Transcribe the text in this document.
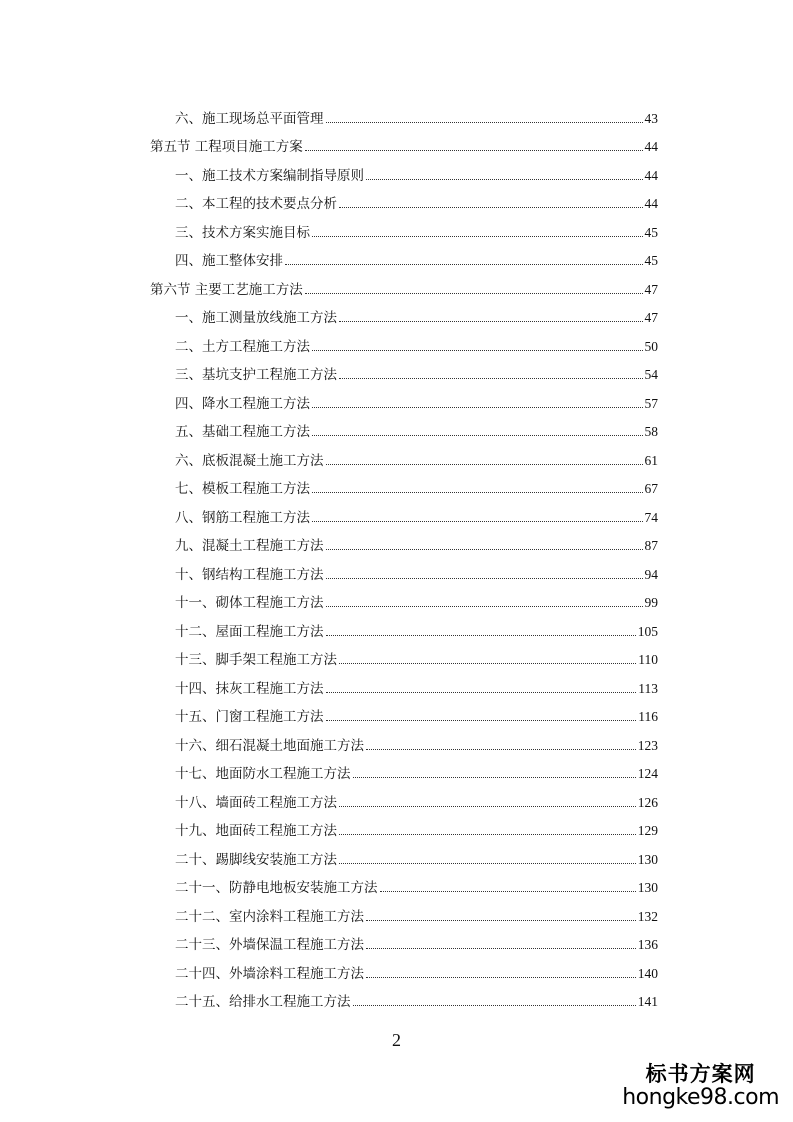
六、施工现场总平面管理	43
第五节 工程项目施工方案	44
一、施工技术方案编制指导原则	44
二、本工程的技术要点分析	44
三、技术方案实施目标	45
四、施工整体安排	45
第六节 主要工艺施工方法	47
一、施工测量放线施工方法	47
二、土方工程施工方法	50
三、基坑支护工程施工方法	54
四、降水工程施工方法	57
五、基础工程施工方法	58
六、底板混凝土施工方法	61
七、模板工程施工方法	67
八、钢筋工程施工方法	74
九、混凝土工程施工方法	87
十、钢结构工程施工方法	94
十一、砌体工程施工方法	99
十二、屋面工程施工方法	105
十三、脚手架工程施工方法	110
十四、抹灰工程施工方法	113
十五、门窗工程施工方法	116
十六、细石混凝土地面施工方法	123
十七、地面防水工程施工方法	124
十八、墙面砖工程施工方法	126
十九、地面砖工程施工方法	129
二十、踢脚线安装施工方法	130
二十一、防静电地板安装施工方法	130
二十二、室内涂料工程施工方法	132
二十三、外墙保温工程施工方法	136
二十四、外墙涂料工程施工方法	140
二十五、给排水工程施工方法	141
2
标书方案网
hongke98.com
